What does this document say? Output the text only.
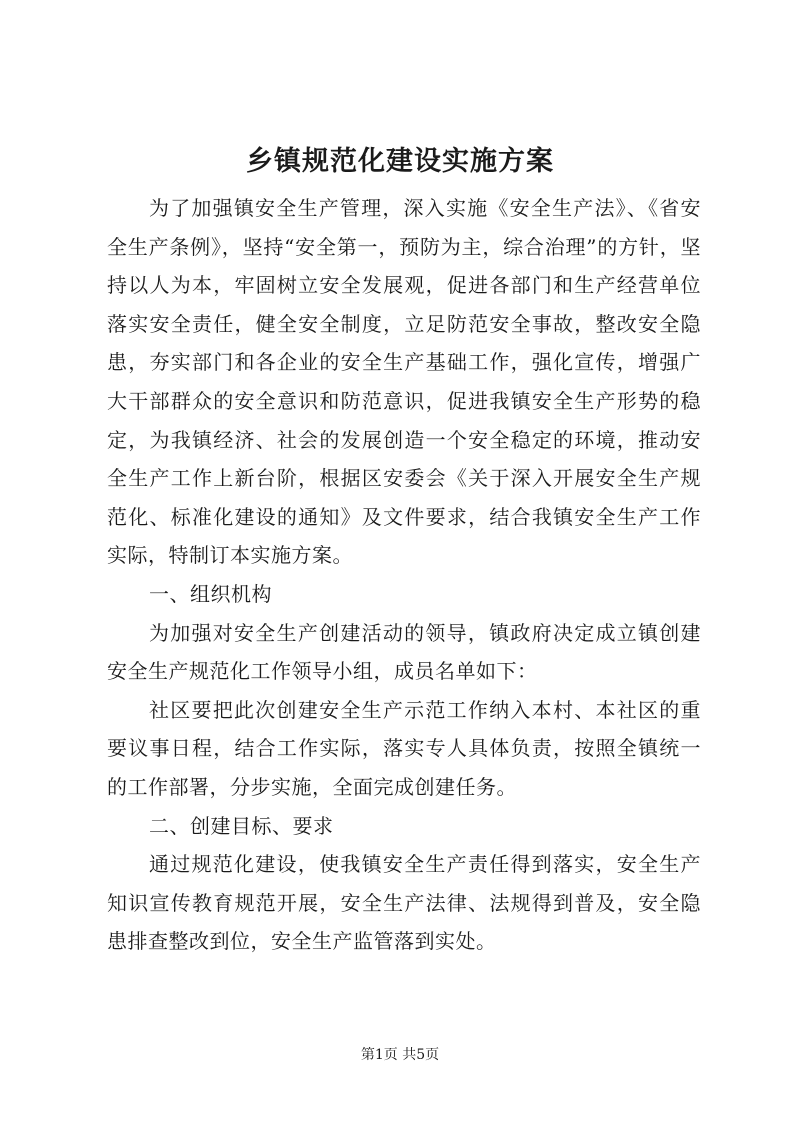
乡镇规范化建设实施方案

为了加强镇安全生产管理，深入实施《安全生产法》、《省安全生产条例》，坚持“安全第一，预防为主，综合治理”的方针，坚持以人为本，牢固树立安全发展观，促进各部门和生产经营单位落实安全责任，健全安全制度，立足防范安全事故，整改安全隐患，夯实部门和各企业的安全生产基础工作，强化宣传，增强广大干部群众的安全意识和防范意识，促进我镇安全生产形势的稳定，为我镇经济、社会的发展创造一个安全稳定的环境，推动安全生产工作上新台阶，根据区安委会《关于深入开展安全生产规范化、标准化建设的通知》及文件要求，结合我镇安全生产工作实际，特制订本实施方案。

一、组织机构

为加强对安全生产创建活动的领导，镇政府决定成立镇创建安全生产规范化工作领导小组，成员名单如下：

社区要把此次创建安全生产示范工作纳入本村、本社区的重要议事日程，结合工作实际，落实专人具体负责，按照全镇统一的工作部署，分步实施，全面完成创建任务。

二、创建目标、要求

通过规范化建设，使我镇安全生产责任得到落实，安全生产知识宣传教育规范开展，安全生产法律、法规得到普及，安全隐患排查整改到位，安全生产监管落到实处。

第1页 共5页
